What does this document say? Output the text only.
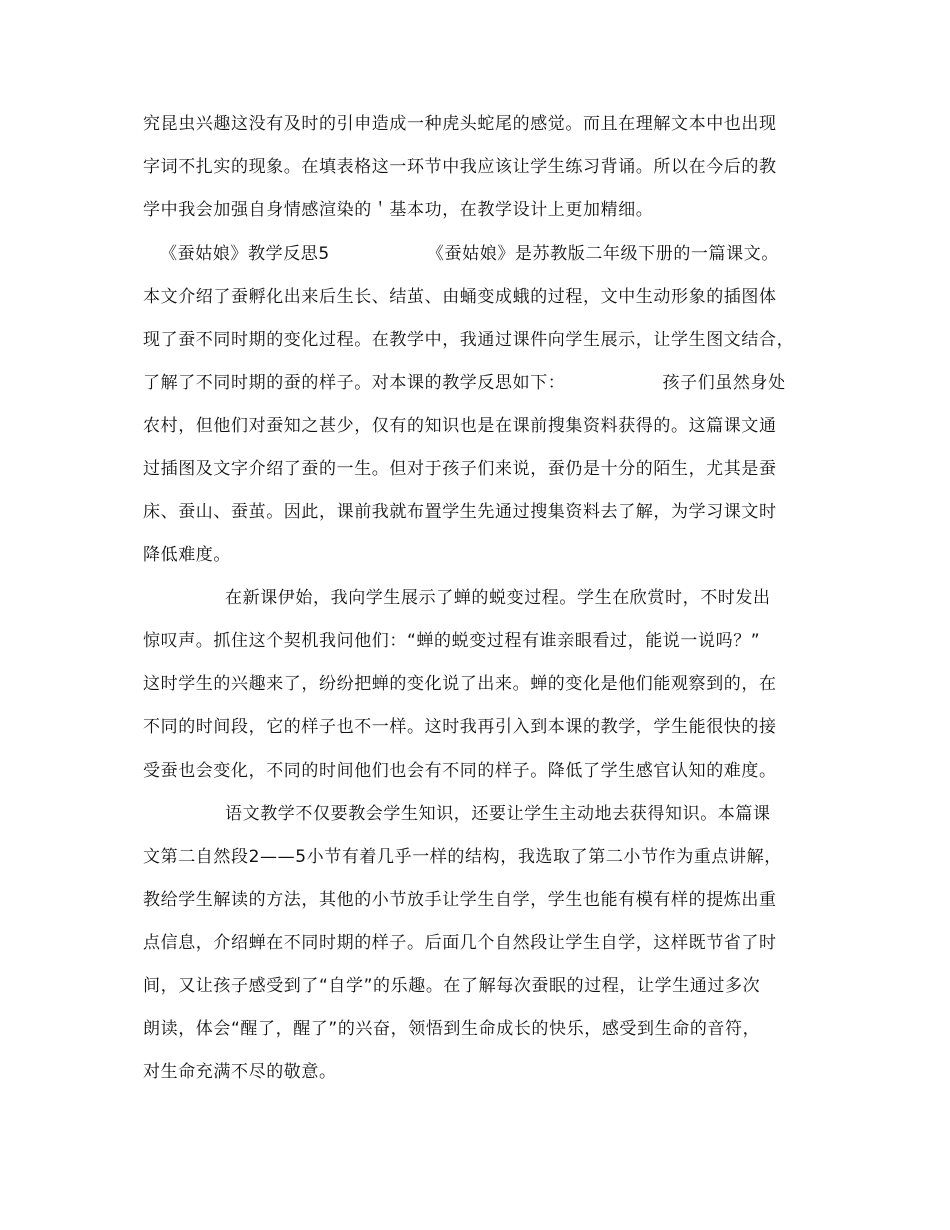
究昆虫兴趣这没有及时的引申造成一种虎头蛇尾的感觉。而且在理解文本中也出现
字词不扎实的现象。在填表格这一环节中我应该让学生练习背诵。所以在今后的教
学中我会加强自身情感渲染的＇基本功，在教学设计上更加精细。
《蚕姑娘》教学反思5　　　　　　《蚕姑娘》是苏教版二年级下册的一篇课文。
本文介绍了蚕孵化出来后生长、结茧、由蛹变成蛾的过程，文中生动形象的插图体
现了蚕不同时期的变化过程。在教学中，我通过课件向学生展示，让学生图文结合，
了解了不同时期的蚕的样子。对本课的教学反思如下：　　　　　　孩子们虽然身处
农村，但他们对蚕知之甚少，仅有的知识也是在课前搜集资料获得的。这篇课文通
过插图及文字介绍了蚕的一生。但对于孩子们来说，蚕仍是十分的陌生，尤其是蚕
床、蚕山、蚕茧。因此，课前我就布置学生先通过搜集资料去了解，为学习课文时
降低难度。
在新课伊始，我向学生展示了蝉的蜕变过程。学生在欣赏时，不时发出
惊叹声。抓住这个契机我问他们：“蝉的蜕变过程有谁亲眼看过，能说一说吗？”
这时学生的兴趣来了，纷纷把蝉的变化说了出来。蝉的变化是他们能观察到的，在
不同的时间段，它的样子也不一样。这时我再引入到本课的教学，学生能很快的接
受蚕也会变化，不同的时间他们也会有不同的样子。降低了学生感官认知的难度。
语文教学不仅要教会学生知识，还要让学生主动地去获得知识。本篇课
文第二自然段2——5小节有着几乎一样的结构，我选取了第二小节作为重点讲解，
教给学生解读的方法，其他的小节放手让学生自学，学生也能有模有样的提炼出重
点信息，介绍蝉在不同时期的样子。后面几个自然段让学生自学，这样既节省了时
间，又让孩子感受到了“自学”的乐趣。在了解每次蚕眠的过程，让学生通过多次
朗读，体会“醒了，醒了”的兴奋，领悟到生命成长的快乐，感受到生命的音符，
对生命充满不尽的敬意。
